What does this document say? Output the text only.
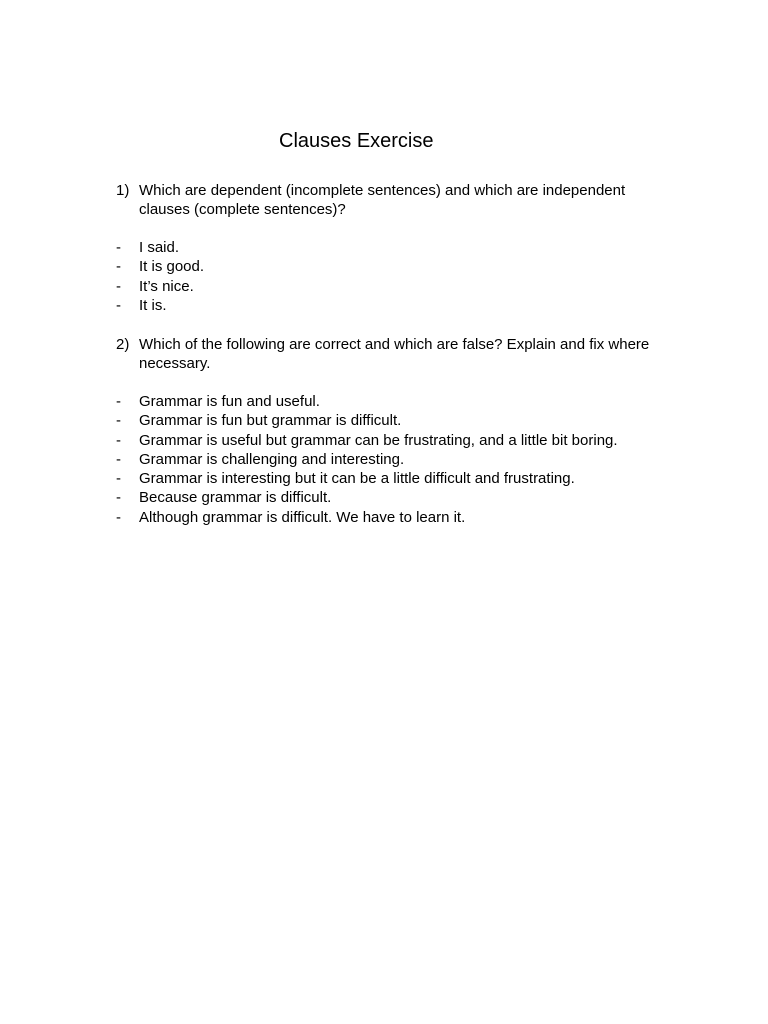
Clauses Exercise
1) Which are dependent (incomplete sentences) and which are independent clauses (complete sentences)?
- I said.
- It is good.
- It’s nice.
- It is.
2) Which of the following are correct and which are false? Explain and fix where necessary.
- Grammar is fun and useful.
- Grammar is fun but grammar is difficult.
- Grammar is useful but grammar can be frustrating, and a little bit boring.
- Grammar is challenging and interesting.
- Grammar is interesting but it can be a little difficult and frustrating.
- Because grammar is difficult.
- Although grammar is difficult. We have to learn it.
